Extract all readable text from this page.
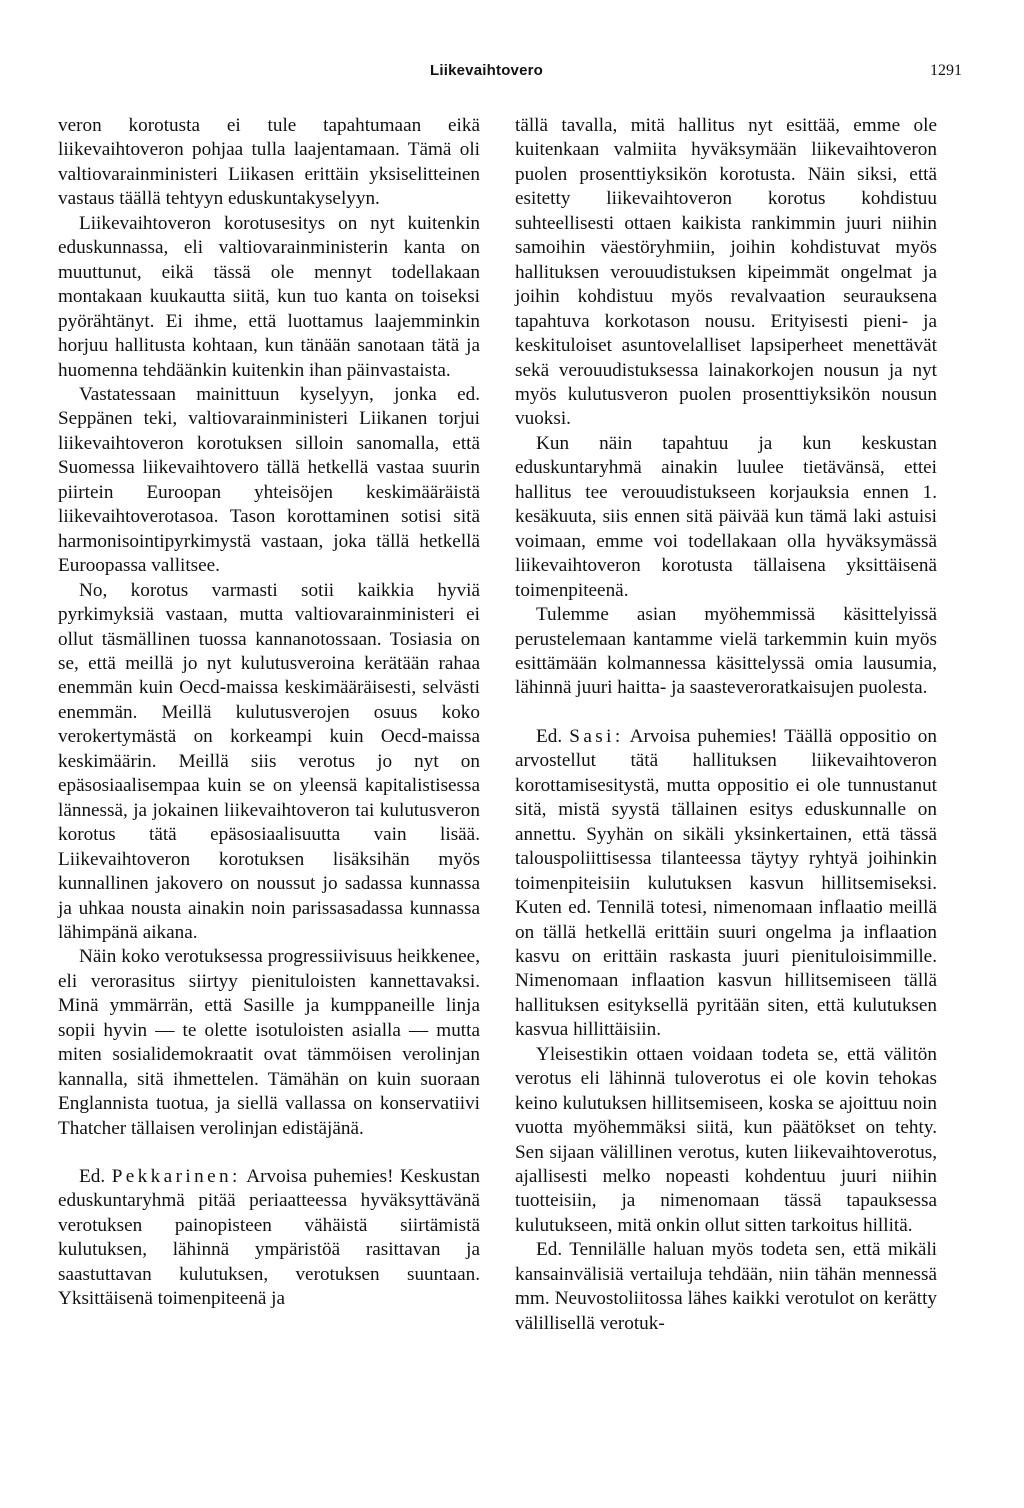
Liikevaihtovero	1291

veron korotusta ei tule tapahtumaan eikä liikevaihtoveron pohjaa tulla laajentamaan. Tämä oli valtiovarainministeri Liikasen erittäin yksiselitteinen vastaus täällä tehtyyn eduskuntakyselyyn.

Liikevaihtoveron korotusesitys on nyt kuitenkin eduskunnassa, eli valtiovarainministerin kanta on muuttunut, eikä tässä ole mennyt todellakaan montakaan kuukautta siitä, kun tuo kanta on toiseksi pyörähtänyt. Ei ihme, että luottamus laajemminkin horjuu hallitusta kohtaan, kun tänään sanotaan tätä ja huomenna tehdäänkin kuitenkin ihan päinvastaista.

Vastatessaan mainittuun kyselyyn, jonka ed. Seppänen teki, valtiovarainministeri Liikanen torjui liikevaihtoveron korotuksen silloin sanomalla, että Suomessa liikevaihtovero tällä hetkellä vastaa suurin piirtein Euroopan yhteisöjen keskimääräistä liikevaihtoverotasoa. Tason korottaminen sotisi sitä harmonisointipyrkimystä vastaan, joka tällä hetkellä Euroopassa vallitsee.

No, korotus varmasti sotii kaikkia hyviä pyrkimyksiä vastaan, mutta valtiovarainministeri ei ollut täsmällinen tuossa kannanotossaan. Tosiasia on se, että meillä jo nyt kulutusveroina kerätään rahaa enemmän kuin Oecd-maissa keskimääräisesti, selvästi enemmän. Meillä kulutusverojen osuus koko verokertymästä on korkeampi kuin Oecd-maissa keskimäärin. Meillä siis verotus jo nyt on epäsosiaalisempaa kuin se on yleensä kapitalistisessa lännessä, ja jokainen liikevaihtoveron tai kulutusveron korotus tätä epäsosiaalisuutta vain lisää. Liikevaihtoveron korotuksen lisäksihän myös kunnallinen jakovero on noussut jo sadassa kunnassa ja uhkaa nousta ainakin noin parissasadassa kunnassa lähimpänä aikana.

Näin koko verotuksessa progressiivisuus heikkenee, eli verorasitus siirtyy pienituloisten kannettavaksi. Minä ymmärrän, että Sasille ja kumppaneille linja sopii hyvin — te olette isotuloisten asialla — mutta miten sosialidemokraatit ovat tämmöisen verolinjan kannalla, sitä ihmettelen. Tämähän on kuin suoraan Englannista tuotua, ja siellä vallassa on konservatiivi Thatcher tällaisen verolinjan edistäjänä.

Ed. Pekkarinen: Arvoisa puhemies! Keskustan eduskuntaryhmä pitää periaatteessa hyväksyttävänä verotuksen painopisteen vähäistä siirtämistä kulutuksen, lähinnä ympäristöä rasittavan ja saastuttavan kulutuksen, verotuksen suuntaan. Yksittäisenä toimenpiteenä ja

tällä tavalla, mitä hallitus nyt esittää, emme ole kuitenkaan valmiita hyväksymään liikevaihtoveron puolen prosenttiyksikön korotusta. Näin siksi, että esitetty liikevaihtoveron korotus kohdistuu suhteellisesti ottaen kaikista rankimmin juuri niihin samoihin väestöryhmiin, joihin kohdistuvat myös hallituksen verouudistuksen kipeimmät ongelmat ja joihin kohdistuu myös revalvaation seurauksena tapahtuva korkotason nousu. Erityisesti pieni- ja keskituloiset asuntovelalliset lapsiperheet menettävät sekä verouudistuksessa lainakorkojen nousun ja nyt myös kulutusveron puolen prosenttiyksikön nousun vuoksi.

Kun näin tapahtuu ja kun keskustan eduskuntaryhmä ainakin luulee tietävänsä, ettei hallitus tee verouudistukseen korjauksia ennen 1. kesäkuuta, siis ennen sitä päivää kun tämä laki astuisi voimaan, emme voi todellakaan olla hyväksymässä liikevaihtoveron korotusta tällaisena yksittäisenä toimenpiteenä.

Tulemme asian myöhemmissä käsittelyissä perustelemaan kantamme vielä tarkemmin kuin myös esittämään kolmannessa käsittelyssä omia lausumia, lähinnä juuri haitta- ja saasteveroratkaisujen puolesta.

Ed. Sasi: Arvoisa puhemies! Täällä oppositio on arvostellut tätä hallituksen liikevaihtoveron korottamisesitystä, mutta oppositio ei ole tunnustanut sitä, mistä syystä tällainen esitys eduskunnalle on annettu. Syyhän on sikäli yksinkertainen, että tässä talouspoliittisessa tilanteessa täytyy ryhtyä joihinkin toimenpiteisiin kulutuksen kasvun hillitsemiseksi. Kuten ed. Tennilä totesi, nimenomaan inflaatio meillä on tällä hetkellä erittäin suuri ongelma ja inflaation kasvu on erittäin raskasta juuri pienituloisimmille. Nimenomaan inflaation kasvun hillitsemiseen tällä hallituksen esityksellä pyritään siten, että kulutuksen kasvua hillittäisiin.

Yleisestikin ottaen voidaan todeta se, että välitön verotus eli lähinnä tuloverotus ei ole kovin tehokas keino kulutuksen hillitsemiseen, koska se ajoittuu noin vuotta myöhemmäksi siitä, kun päätökset on tehty. Sen sijaan välillinen verotus, kuten liikevaihtoverotus, ajallisesti melko nopeasti kohdentuu juuri niihin tuotteisiin, ja nimenomaan tässä tapauksessa kulutukseen, mitä onkin ollut sitten tarkoitus hillitä.

Ed. Tennilälle haluan myös todeta sen, että mikäli kansainvälisiä vertailuja tehdään, niin tähän mennessä mm. Neuvostoliitossa lähes kaikki verotulot on kerätty välillisellä verotuk-
